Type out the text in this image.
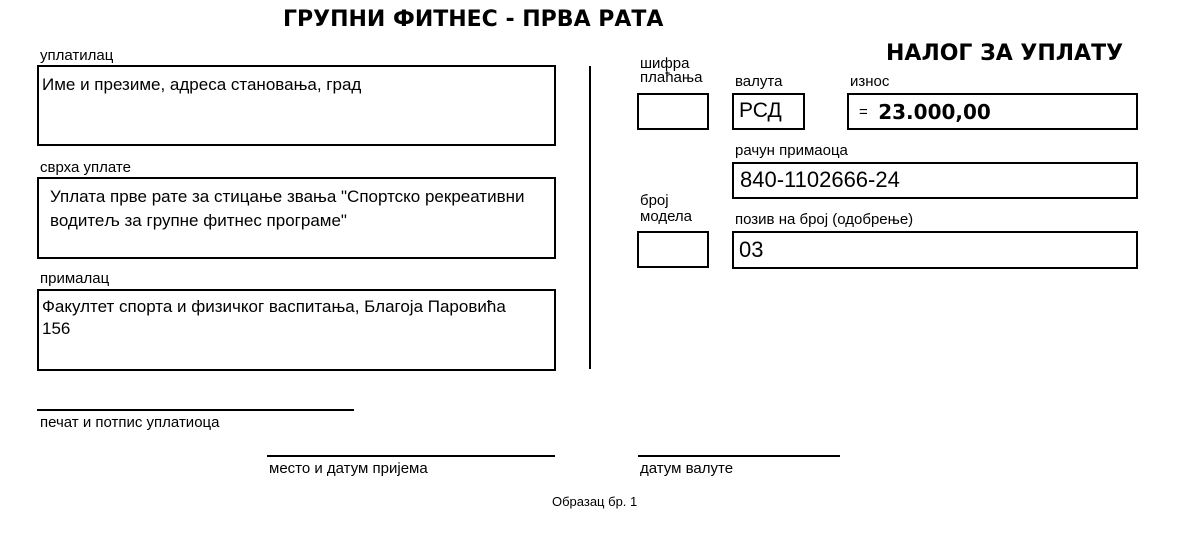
ГРУПНИ ФИТНЕС - ПРВА РАТА
НАЛОГ ЗА УПЛАТУ
уплатилац
Име и презиме, адреса становања, град
сврха уплате
Уплата прве рате за стицање звања "Спортско рекреативни
водитељ за групне фитнес програме"
прималац
Факултет спорта и физичког васпитања, Благоја Паровића
156
шифра
плаћања валута
РСД
износ
= 23.000,00
рачун примаоца
840-1102666-24
број
модела	позив на број (одобрење)
03
печат и потпис уплатиоца
место и датум пријема	датум валуте
Образац бр. 1
